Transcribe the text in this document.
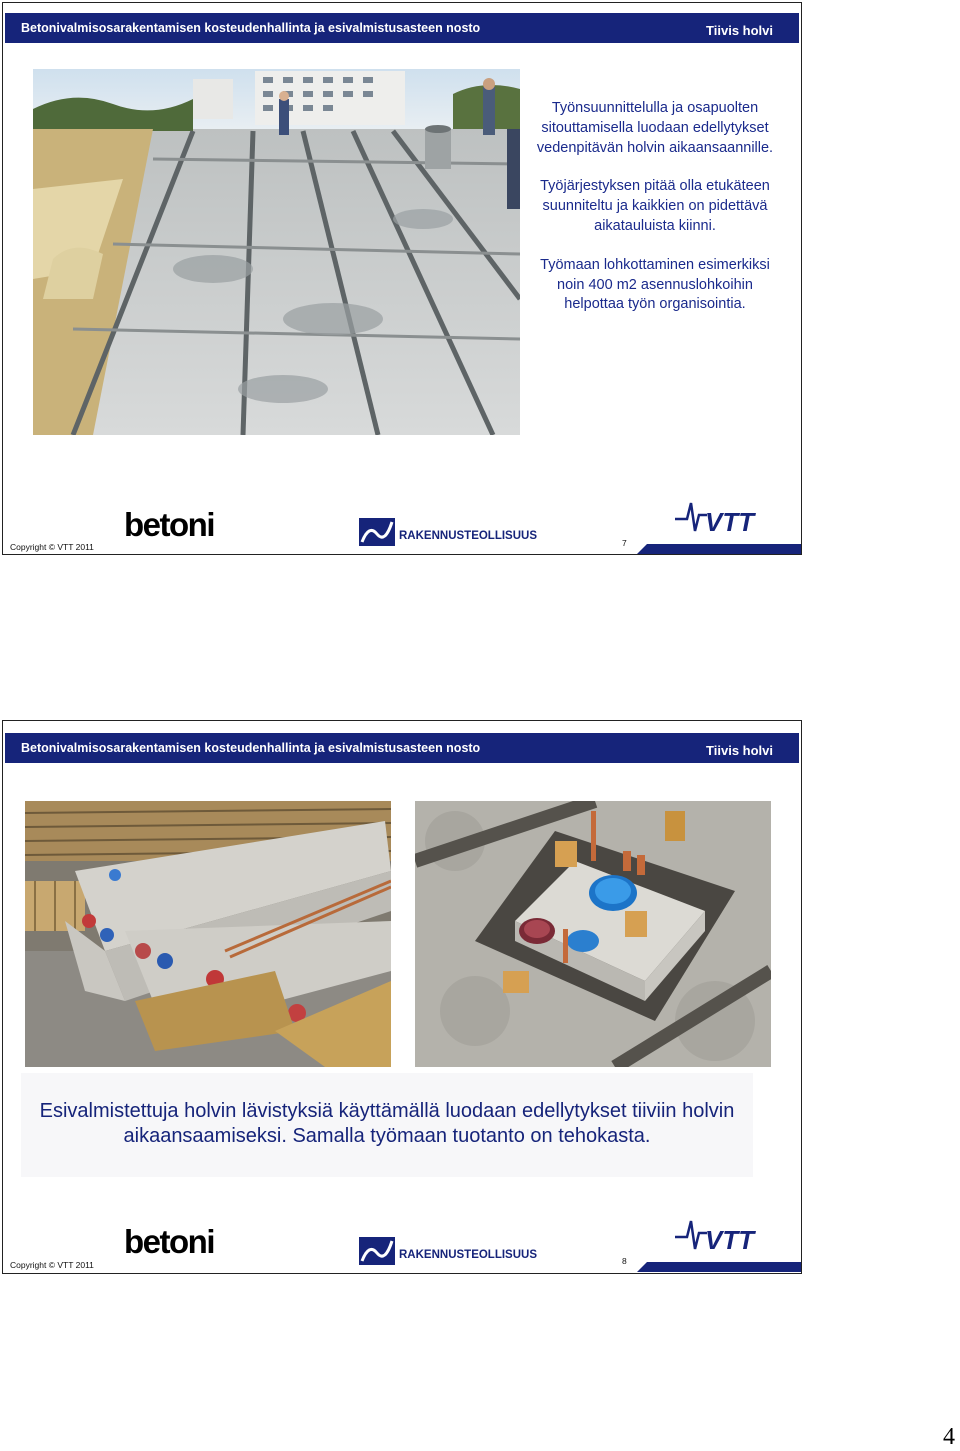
Betonivalmisosarakentamisen kosteudenhallinta ja esivalmistusasteen nosto	Tiivis holvi

Työnsuunnittelulla ja osapuolten sitouttamisella luodaan edellytykset vedenpitävän holvin aikaansaannille.

Työjärjestyksen pitää olla etukäteen suunniteltu ja kaikkien on pidettävä aikatauluista kiinni.

Työmaan lohkottaminen esimerkiksi noin 400 m2 asennuslohkoihin helpottaa työn organisointia.

betoni	RAKENNUSTEOLLISUUS	VTT
Copyright © VTT 2011	7
Betonivalmisosarakentamisen kosteudenhallinta ja esivalmistusasteen nosto	Tiivis holvi
Esivalmistettuja holvin lävistyksiä käyttämällä luodaan edellytykset tiiviin holvin aikaansaamiseksi. Samalla työmaan tuotanto on tehokasta.
betoni	RAKENNUSTEOLLISUUS	VTT
Copyright © VTT 2011	8
4
